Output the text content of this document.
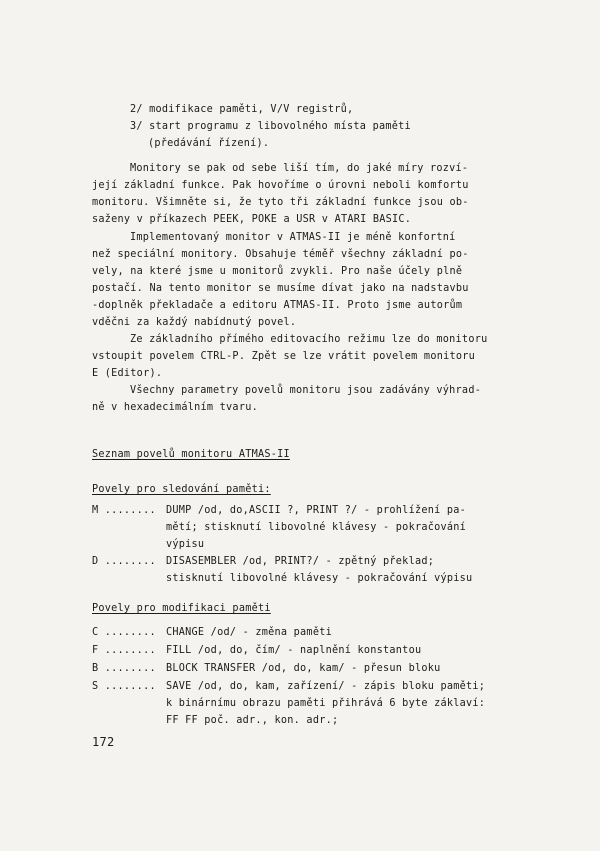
2/ modifikace paměti, V/V registrů,
3/ start programu z libovolného místa paměti
(předávání řízení).
Monitory se pak od sebe liší tím, do jaké míry rozví-
její základní funkce. Pak hovoříme o úrovni neboli komfortu
monitoru. Všimněte si, že tyto tři základní funkce jsou ob-
saženy v příkazech PEEK, POKE a USR v ATARI BASIC.
Implementovaný monitor v ATMAS-II je méně konfortní
než speciální monitory. Obsahuje téměř všechny základní po-
vely, na které jsme u monitorů zvykli. Pro naše účely plně
postačí. Na tento monitor se musíme dívat jako na nadstavbu
-doplněk překladače a editoru ATMAS-II. Proto jsme autorům
vděčni za každý nabídnutý povel.
Ze základního přímého editovacího režimu lze do monitoru
vstoupit povelem CTRL-P. Zpět se lze vrátit povelem monitoru
E (Editor).
Všechny parametry povelů monitoru jsou zadávány výhrad-
ně v hexadecimálním tvaru.
Seznam povelů monitoru ATMAS-II
Povely pro sledování paměti:
M ........ DUMP /od, do,ASCII ?, PRINT ?/ - prohlížení pa-
mětí; stisknutí libovolné klávesy - pokračování
výpisu
D ........ DISASEMBLER /od, PRINT?/ - zpětný překlad;
stisknutí libovolné klávesy - pokračování výpisu
Povely pro modifikaci paměti
C ........ CHANGE /od/ - změna paměti
F ........ FILL /od, do, čím/ - naplnění konstantou
B ........ BLOCK TRANSFER /od, do, kam/ - přesun bloku
S ........ SAVE /od, do, kam, zařízení/ - zápis bloku paměti;
k binárnímu obrazu paměti přihrává 6 byte záklaví:
FF FF poč. adr., kon. adr.;
172
